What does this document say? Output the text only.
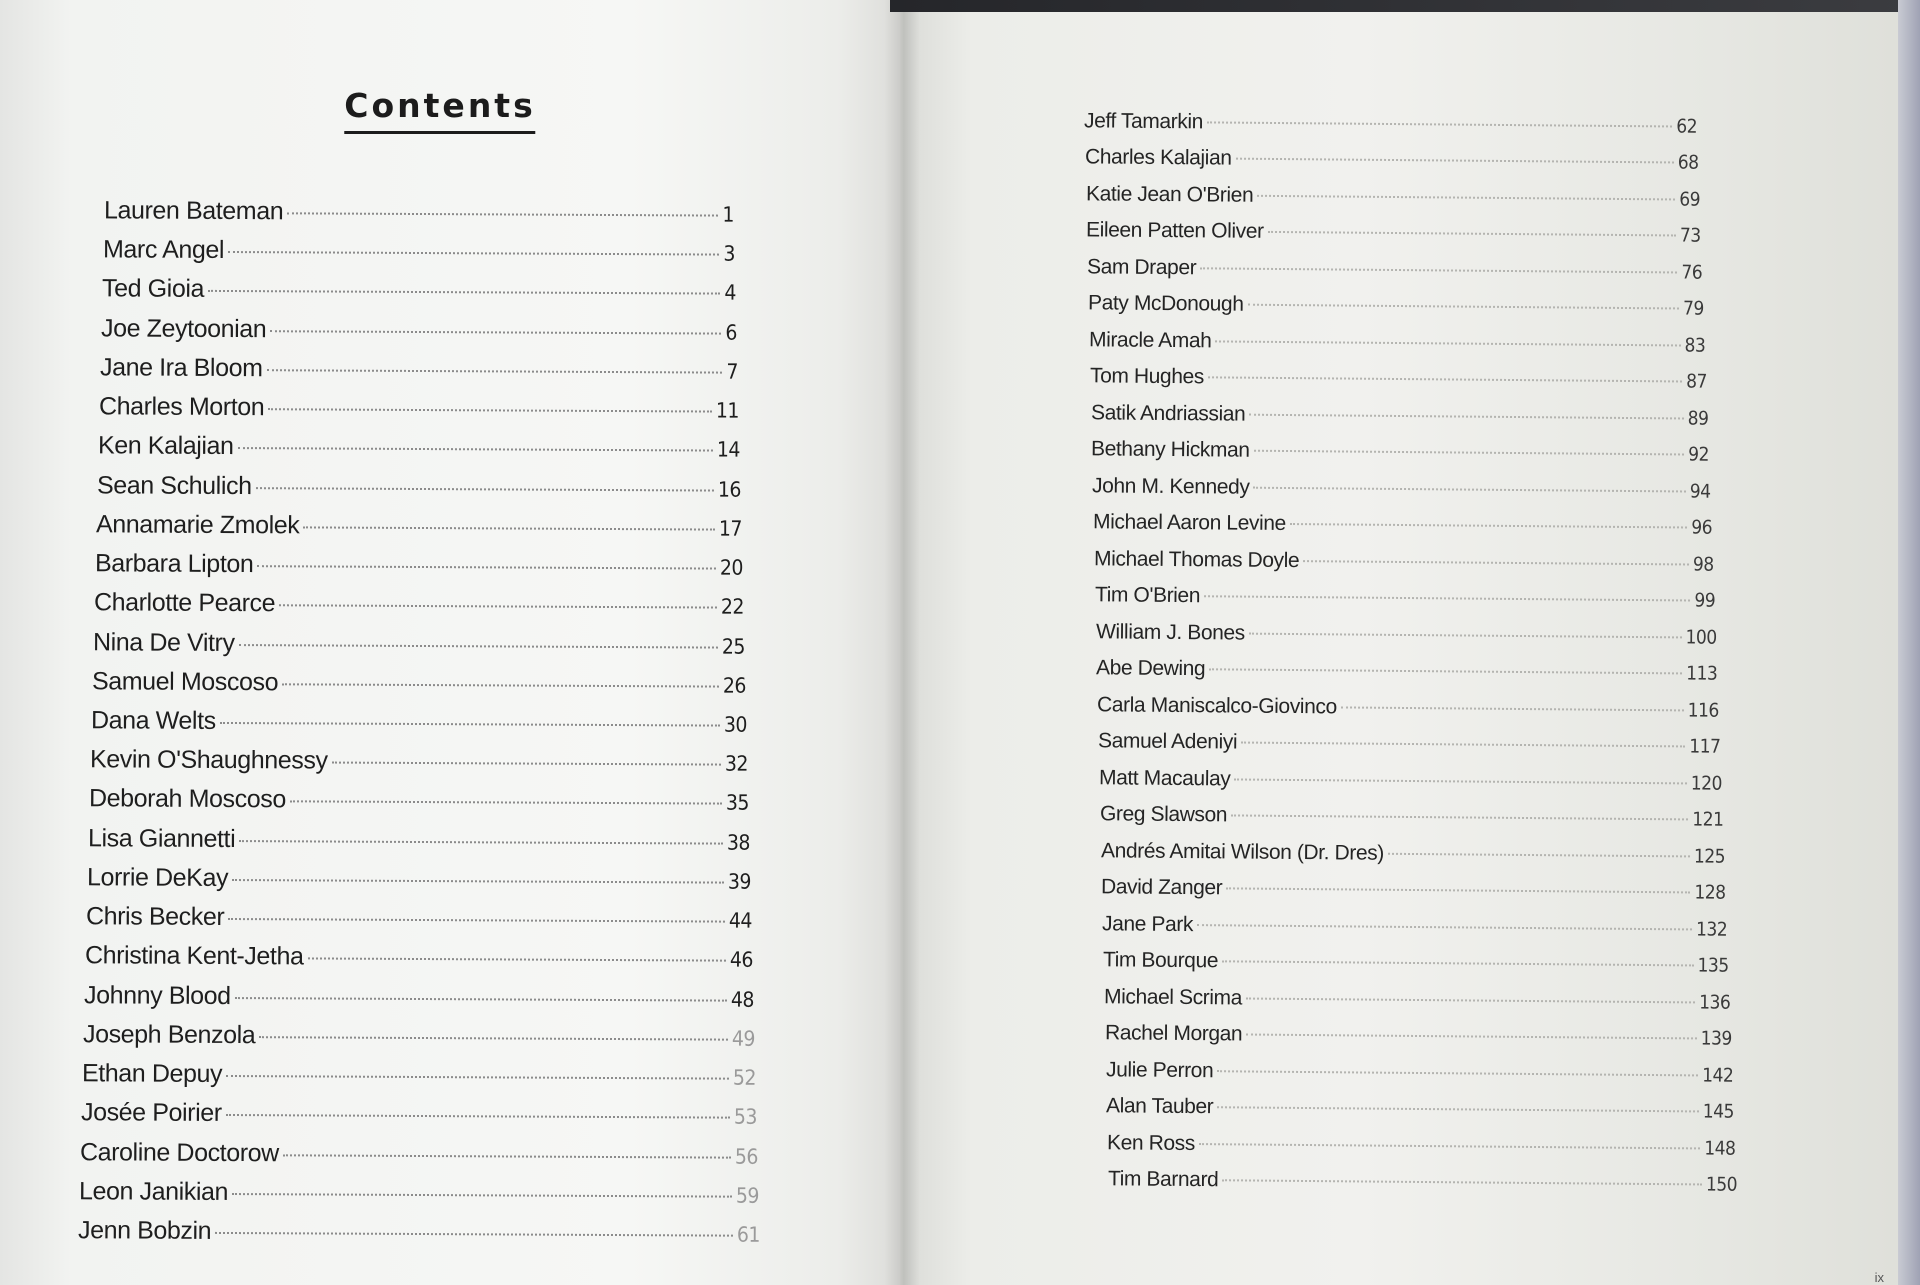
Contents
Lauren Bateman	1
Marc Angel	3
Ted Gioia	4
Joe Zeytoonian	6
Jane Ira Bloom	7
Charles Morton	11
Ken Kalajian	14
Sean Schulich	16
Annamarie Zmolek	17
Barbara Lipton	20
Charlotte Pearce	22
Nina De Vitry	25
Samuel Moscoso	26
Dana Welts	30
Kevin O'Shaughnessy	32
Deborah Moscoso	35
Lisa Giannetti	38
Lorrie DeKay	39
Chris Becker	44
Christina Kent-Jetha	46
Johnny Blood	48
Joseph Benzola	49
Ethan Depuy	52
Josée Poirier	53
Caroline Doctorow	56
Leon Janikian	59
Jenn Bobzin	61
Jeff Tamarkin	62
Charles Kalajian	68
Katie Jean O'Brien	69
Eileen Patten Oliver	73
Sam Draper	76
Paty McDonough	79
Miracle Amah	83
Tom Hughes	87
Satik Andriassian	89
Bethany Hickman	92
John M. Kennedy	94
Michael Aaron Levine	96
Michael Thomas Doyle	98
Tim O'Brien	99
William J. Bones	100
Abe Dewing	113
Carla Maniscalco-Giovinco	116
Samuel Adeniyi	117
Matt Macaulay	120
Greg Slawson	121
Andrés Amitai Wilson (Dr. Dres)	125
David Zanger	128
Jane Park	132
Tim Bourque	135
Michael Scrima	136
Rachel Morgan	139
Julie Perron	142
Alan Tauber	145
Ken Ross	148
Tim Barnard	150
ix
